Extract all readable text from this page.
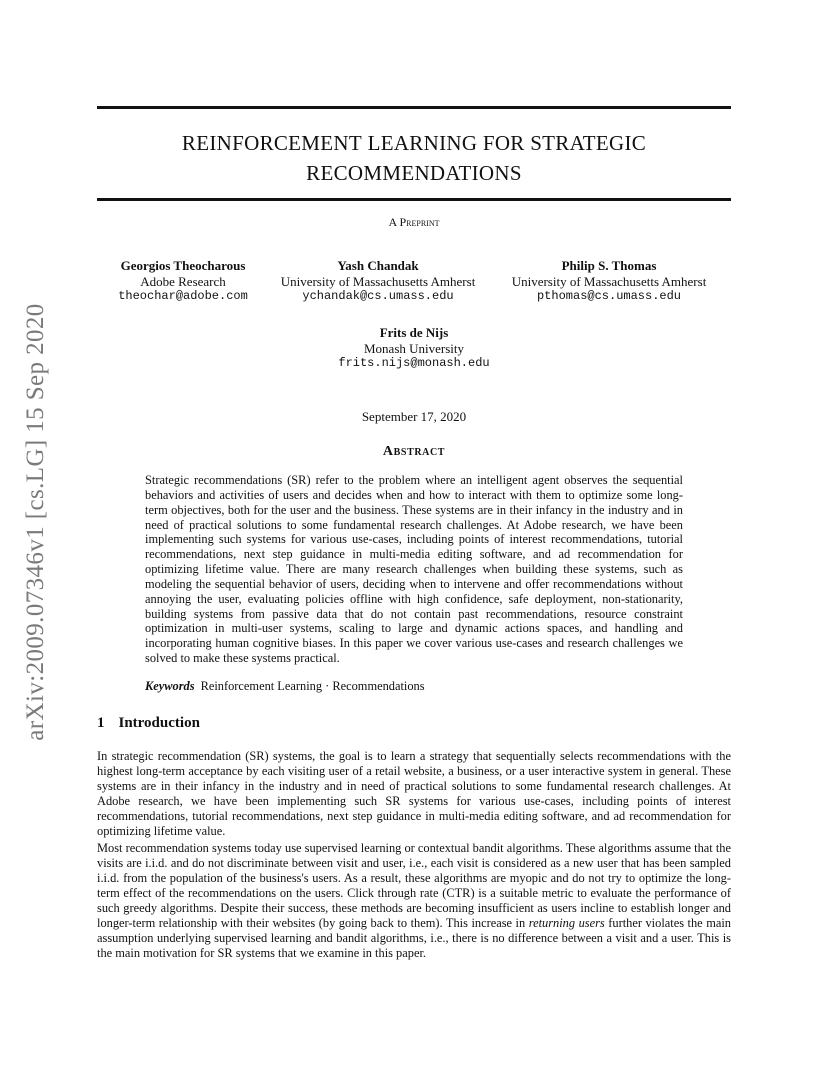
REINFORCEMENT LEARNING FOR STRATEGIC
RECOMMENDATIONS
A Preprint
Georgios Theocharous
Adobe Research
theochar@adobe.com
Yash Chandak
University of Massachusetts Amherst
ychandak@cs.umass.edu
Philip S. Thomas
University of Massachusetts Amherst
pthomas@cs.umass.edu
Frits de Nijs
Monash University
frits.nijs@monash.edu
September 17, 2020
Abstract
Strategic recommendations (SR) refer to the problem where an intelligent agent observes the sequential behaviors and activities of users and decides when and how to interact with them to optimize some long-term objectives, both for the user and the business. These systems are in their infancy in the industry and in need of practical solutions to some fundamental research challenges. At Adobe research, we have been implementing such systems for various use-cases, including points of interest recommendations, tutorial recommendations, next step guidance in multi-media editing software, and ad recommendation for optimizing lifetime value. There are many research challenges when building these systems, such as modeling the sequential behavior of users, deciding when to intervene and offer recommendations without annoying the user, evaluating policies offline with high confidence, safe deployment, non-stationarity, building systems from passive data that do not contain past recommendations, resource constraint optimization in multi-user systems, scaling to large and dynamic actions spaces, and handling and incorporating human cognitive biases. In this paper we cover various use-cases and research challenges we solved to make these systems practical.
Keywords Reinforcement Learning · Recommendations
1 Introduction
In strategic recommendation (SR) systems, the goal is to learn a strategy that sequentially selects recommendations with the highest long-term acceptance by each visiting user of a retail website, a business, or a user interactive system in general. These systems are in their infancy in the industry and in need of practical solutions to some fundamental research challenges. At Adobe research, we have been implementing such SR systems for various use-cases, including points of interest recommendations, tutorial recommendations, next step guidance in multi-media editing software, and ad recommendation for optimizing lifetime value.
Most recommendation systems today use supervised learning or contextual bandit algorithms. These algorithms assume that the visits are i.i.d. and do not discriminate between visit and user, i.e., each visit is considered as a new user that has been sampled i.i.d. from the population of the business's users. As a result, these algorithms are myopic and do not try to optimize the long-term effect of the recommendations on the users. Click through rate (CTR) is a suitable metric to evaluate the performance of such greedy algorithms. Despite their success, these methods are becoming insufficient as users incline to establish longer and longer-term relationship with their websites (by going back to them). This increase in returning users further violates the main assumption underlying supervised learning and bandit algorithms, i.e., there is no difference between a visit and a user. This is the main motivation for SR systems that we examine in this paper.
arXiv:2009.07346v1 [cs.LG] 15 Sep 2020
